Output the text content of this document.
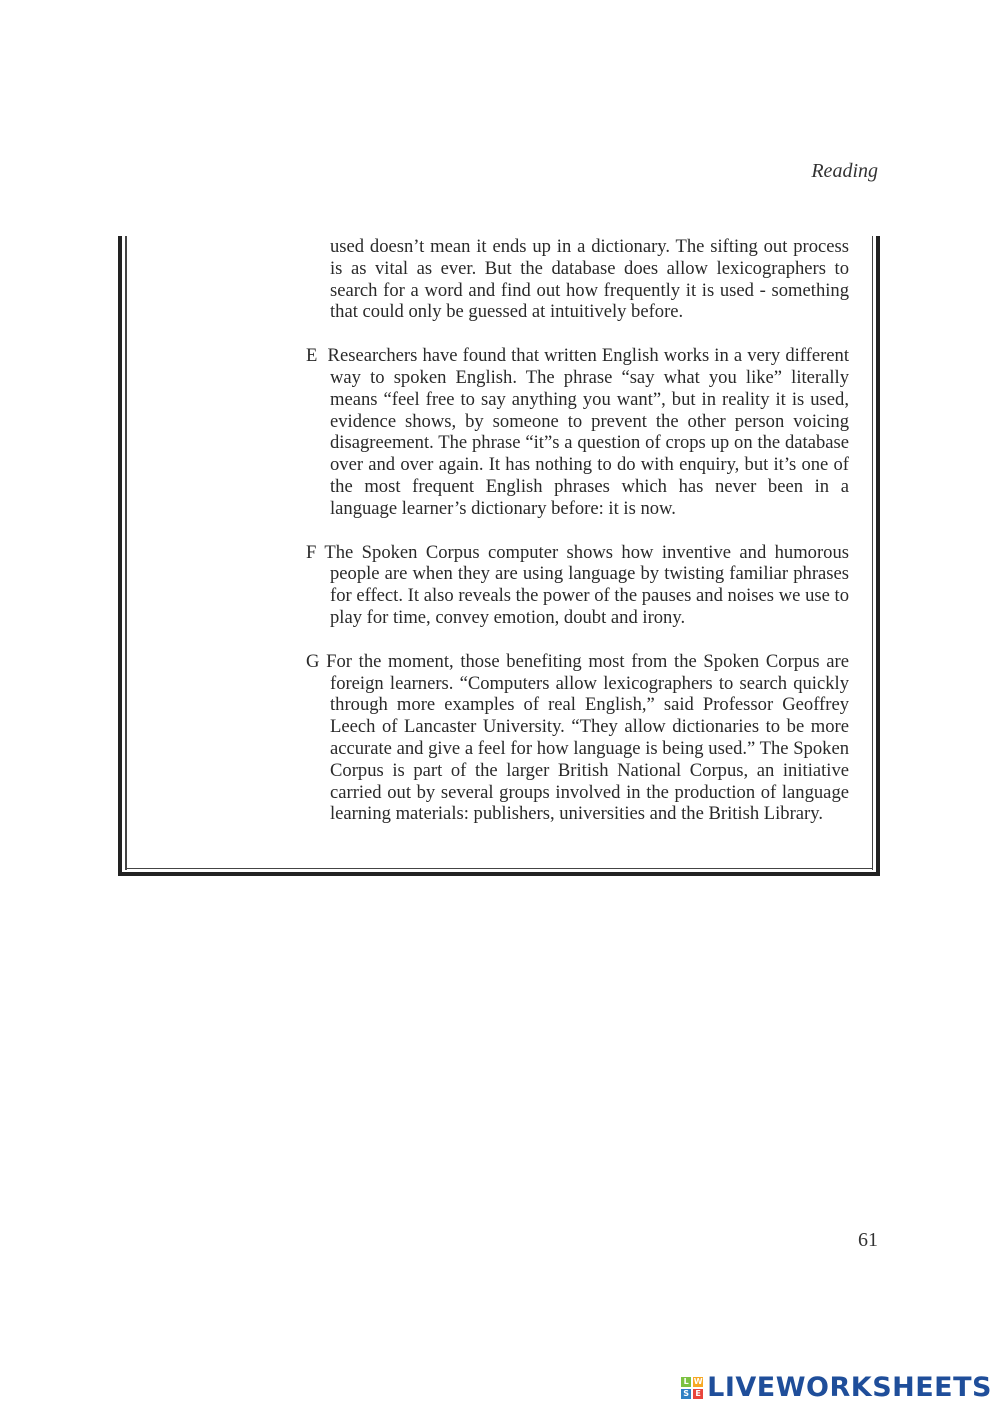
Reading

used doesn’t mean it ends up in a dictionary. The sifting out process is as vital as ever. But the database does allow lexicographers to search for a word and find out how frequently it is used - something that could only be guessed at intuitively before.

E Researchers have found that written English works in a very different way to spoken English. The phrase “say what you like” literally means “feel free to say anything you want”, but in reality it is used, evidence shows, by someone to prevent the other person voicing disagreement. The phrase “it”s a question of crops up on the database over and over again. It has nothing to do with enquiry, but it’s one of the most frequent English phrases which has never been in a language learner’s dictionary before: it is now.

F The Spoken Corpus computer shows how inventive and humorous people are when they are using language by twisting familiar phrases for effect. It also reveals the power of the pauses and noises we use to play for time, convey emotion, doubt and irony.

G For the moment, those benefiting most from the Spoken Corpus are foreign learners. “Computers allow lexicographers to search quickly through more examples of real English,” said Professor Geoffrey Leech of Lancaster University. “They allow dictionaries to be more accurate and give a feel for how language is being used.” The Spoken Corpus is part of the larger British National Corpus, an initiative carried out by several groups involved in the production of language learning materials: publishers, universities and the British Library.

61
L W
S E LIVEWORKSHEETS
